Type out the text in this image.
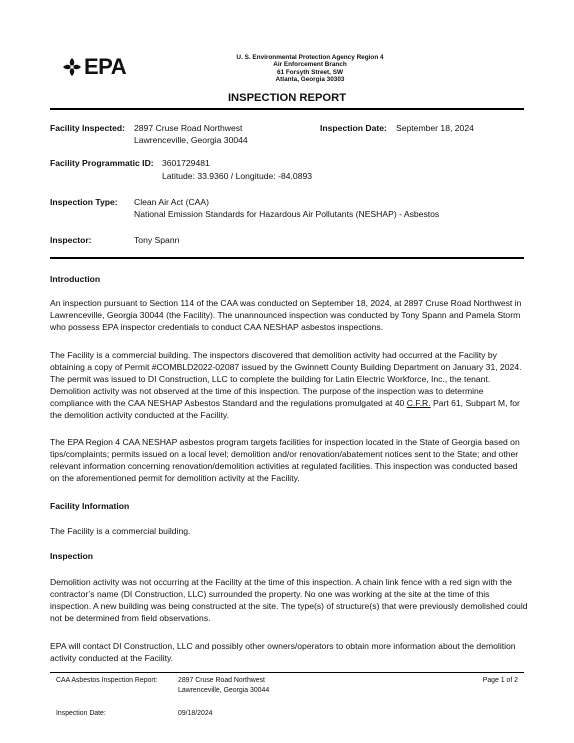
EPA	U. S. Environmental Protection Agency Region 4
Air Enforcement Branch
61 Forsyth Street, SW
Atlanta, Georgia 30303
INSPECTION REPORT
Facility Inspected: 2897 Cruse Road Northwest
Lawrenceville, Georgia 30044
Inspection Date: September 18, 2024
Facility Programmatic ID: 3601729481
Latitude: 33.9360 / Longitude: -84.0893
Inspection Type: Clean Air Act (CAA)
National Emission Standards for Hazardous Air Pollutants (NESHAP) - Asbestos
Inspector:	Tony Spann
Introduction
An inspection pursuant to Section 114 of the CAA was conducted on September 18, 2024, at 2897 Cruse Road Northwest in Lawrenceville, Georgia 30044 (the Facility). The unannounced inspection was conducted by Tony Spann and Pamela Storm who possess EPA inspector credentials to conduct CAA NESHAP asbestos inspections.
The Facility is a commercial building. The inspectors discovered that demolition activity had occurred at the Facility by obtaining a copy of Permit #COMBLD2022-02087 issued by the Gwinnett County Building Department on January 31, 2024. The permit was issued to DI Construction, LLC to complete the building for Latin Electric Workforce, Inc., the tenant. Demolition activity was not observed at the time of this inspection. The purpose of the inspection was to determine compliance with the CAA NESHAP Asbestos Standard and the regulations promulgated at 40 C.F.R. Part 61, Subpart M, for the demolition activity conducted at the Facility.
The EPA Region 4 CAA NESHAP asbestos program targets facilities for inspection located in the State of Georgia based on tips/complaints; permits issued on a local level; demolition and/or renovation/abatement notices sent to the State; and other relevant information concerning renovation/demolition activities at regulated facilities. This inspection was conducted based on the aforementioned permit for demolition activity at the Facility.
Facility Information
The Facility is a commercial building.
Inspection
Demolition activity was not occurring at the Facility at the time of this inspection. A chain link fence with a red sign with the contractor’s name (DI Construction, LLC) surrounded the property. No one was working at the site at the time of this inspection. A new building was being constructed at the site. The type(s) of structure(s) that were previously demolished could not be determined from field observations.
EPA will contact DI Construction, LLC and possibly other owners/operators to obtain more information about the demolition activity conducted at the Facility.
CAA Asbestos Inspection Report:	2897 Cruse Road Northwest
Lawrenceville, Georgia 30044
Page 1 of 2
Inspection Date:	09/18/2024
